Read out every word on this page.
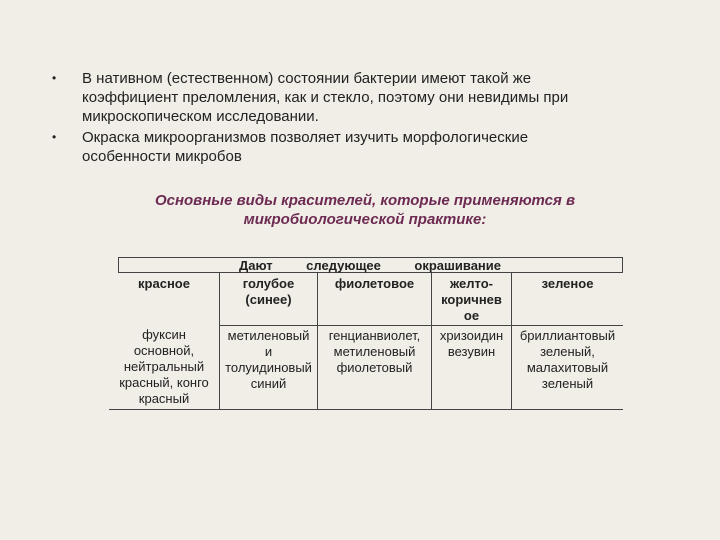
• В нативном (естественном) состоянии бактерии имеют такой же коэффициент преломления, как и стекло, поэтому они невидимы при микроскопическом исследовании.
• Окраска микроорганизмов позволяет изучить морфологические особенности микробов
Основные виды красителей, которые применяются в микробиологической практике:
Дают	следующее	окрашивание
красное
фуксин
основной,
нейтральный
красный, конго
красный
голубое
(синее)
метиленовый
и
толуидиновый
синий
фиолетовое
генцианвиолет,
метиленовый
фиолетовый
желто-
коричнев
ое
хризоидин
везувин
зеленое
бриллиантовый
зеленый,
малахитовый
зеленый
